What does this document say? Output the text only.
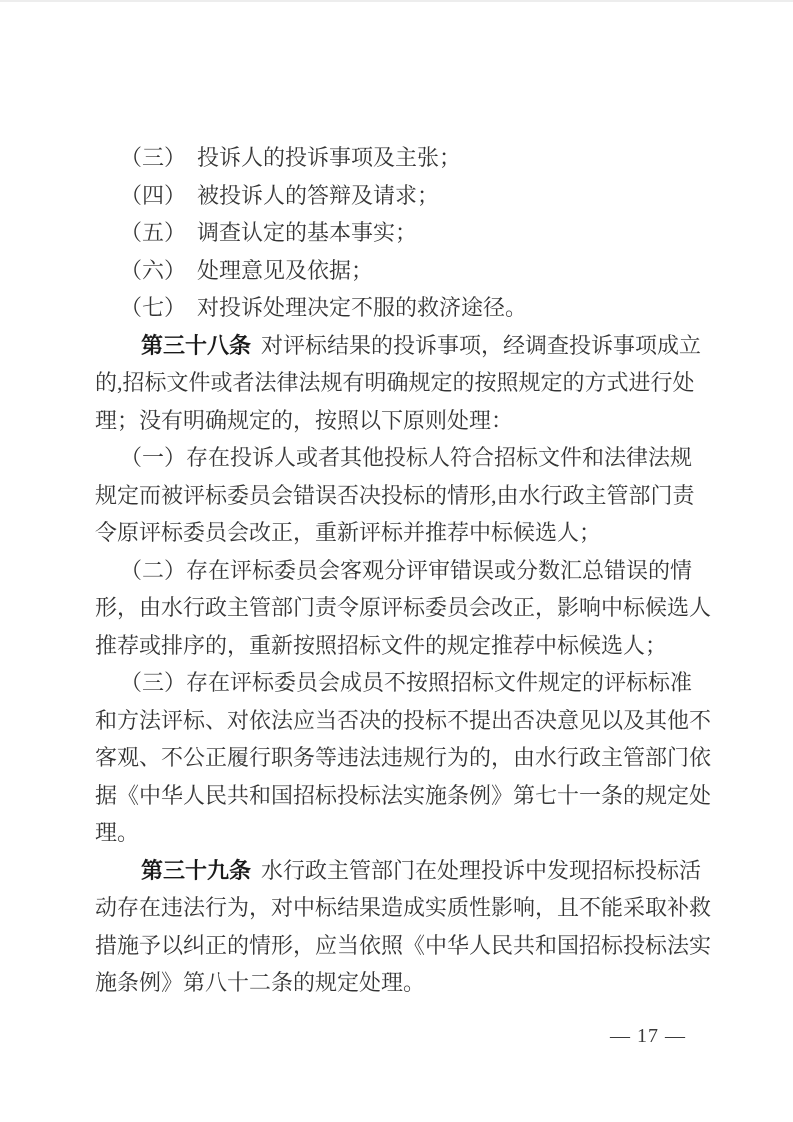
（三）　投诉人的投诉事项及主张；
（四）　被投诉人的答辩及请求；
（五）　调查认定的基本事实；
（六）　处理意见及依据；
（七）　对投诉处理决定不服的救济途径。
第三十八条 对评标结果的投诉事项，经调查投诉事项成立
的,招标文件或者法律法规有明确规定的按照规定的方式进行处
理；没有明确规定的，按照以下原则处理：
（一）存在投诉人或者其他投标人符合招标文件和法律法规
规定而被评标委员会错误否决投标的情形,由水行政主管部门责
令原评标委员会改正，重新评标并推荐中标候选人；
（二）存在评标委员会客观分评审错误或分数汇总错误的情
形，由水行政主管部门责令原评标委员会改正，影响中标候选人
推荐或排序的，重新按照招标文件的规定推荐中标候选人；
（三）存在评标委员会成员不按照招标文件规定的评标标准
和方法评标、对依法应当否决的投标不提出否决意见以及其他不
客观、不公正履行职务等违法违规行为的，由水行政主管部门依
据《中华人民共和国招标投标法实施条例》第七十一条的规定处
理。
第三十九条 水行政主管部门在处理投诉中发现招标投标活
动存在违法行为，对中标结果造成实质性影响，且不能采取补救
措施予以纠正的情形，应当依照《中华人民共和国招标投标法实
施条例》第八十二条的规定处理。
— 17 —
